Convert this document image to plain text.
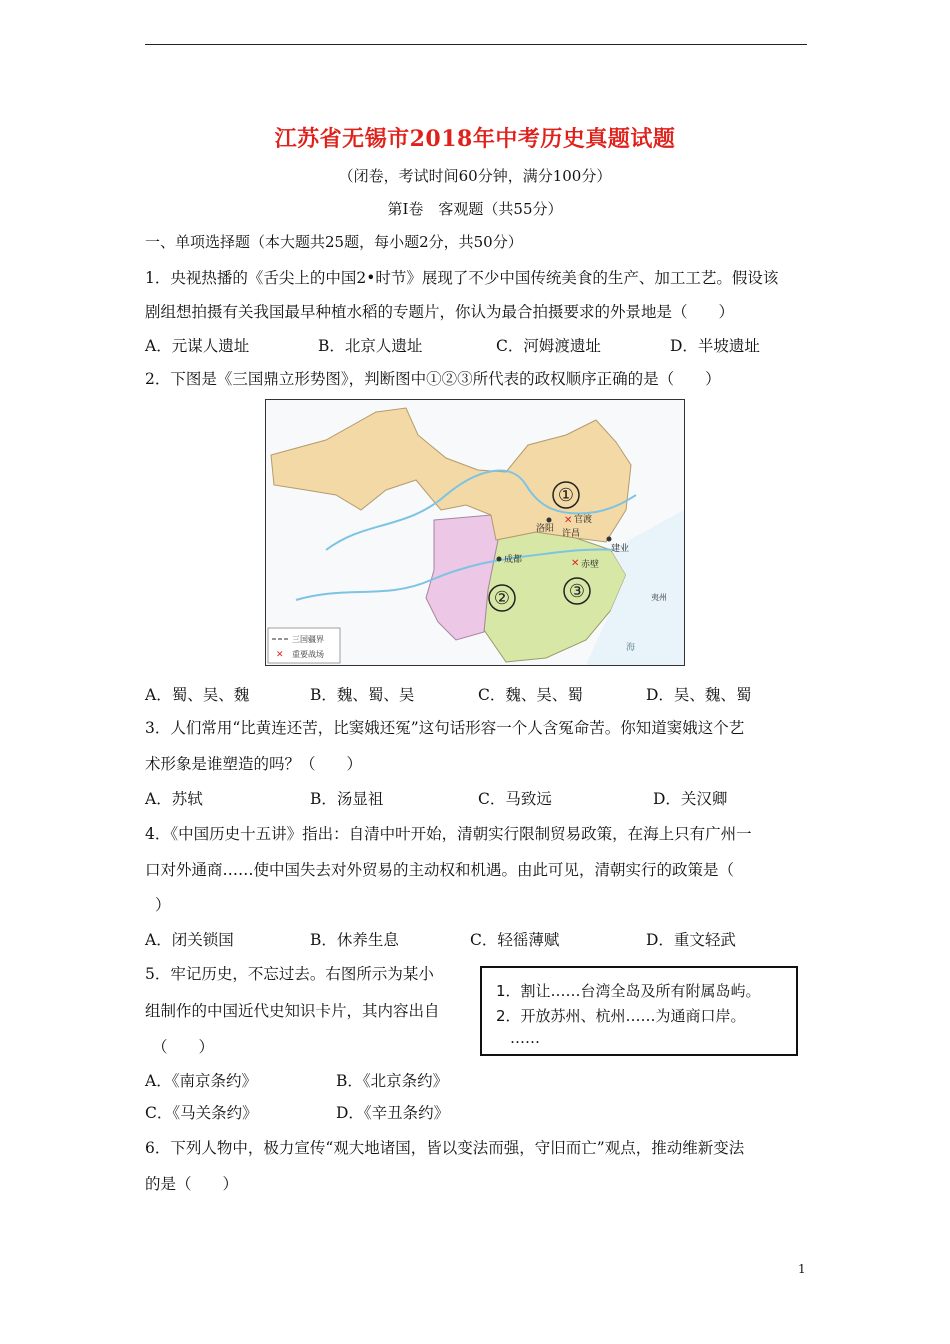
江苏省无锡市2018年中考历史真题试题
（闭卷，考试时间60分钟，满分100分）
第Ⅰ卷　客观题（共55分）
一、单项选择题（本大题共25题，每小题2分，共50分）
1．央视热播的《舌尖上的中国2•时节》展现了不少中国传统美食的生产、加工工艺。假设该
剧组想拍摄有关我国最早种植水稻的专题片，你认为最合拍摄要求的外景地是（　　）
A．元谋人遗址	B．北京人遗址	C．河姆渡遗址	D．半坡遗址
2．下图是《三国鼎立形势图》，判断图中①②③所代表的政权顺序正确的是（　　）
①
②	③
洛阳
✕ 官渡
许昌
成都
建业
✕ 赤壁
夷州
海
三国疆界
✕ 重要战场
A．蜀、吴、魏	B．魏、蜀、吴	C．魏、吴、蜀	D．吴、魏、蜀
3．人们常用“比黄连还苦，比窦娥还冤”这句话形容一个人含冤命苦。你知道窦娥这个艺
术形象是谁塑造的吗？（　　）
A．苏轼	B．汤显祖	C．马致远	D．关汉卿
4．《中国历史十五讲》指出：自清中叶开始，清朝实行限制贸易政策，在海上只有广州一
口对外通商……使中国失去对外贸易的主动权和机遇。由此可见，清朝实行的政策是（
）
A．闭关锁国	B．休养生息	C．轻徭薄赋	D．重文轻武
5．牢记历史，不忘过去。右图所示为某小
组制作的中国近代史知识卡片，其内容出自
（　　）
1．割让……台湾全岛及所有附属岛屿。
2．开放苏州、杭州……为通商口岸。
……
A．《南京条约》	B．《北京条约》
C．《马关条约》	D．《辛丑条约》
6．下列人物中，极力宣传“观大地诸国，皆以变法而强，守旧而亡”观点，推动维新变法
的是（　　）
1
